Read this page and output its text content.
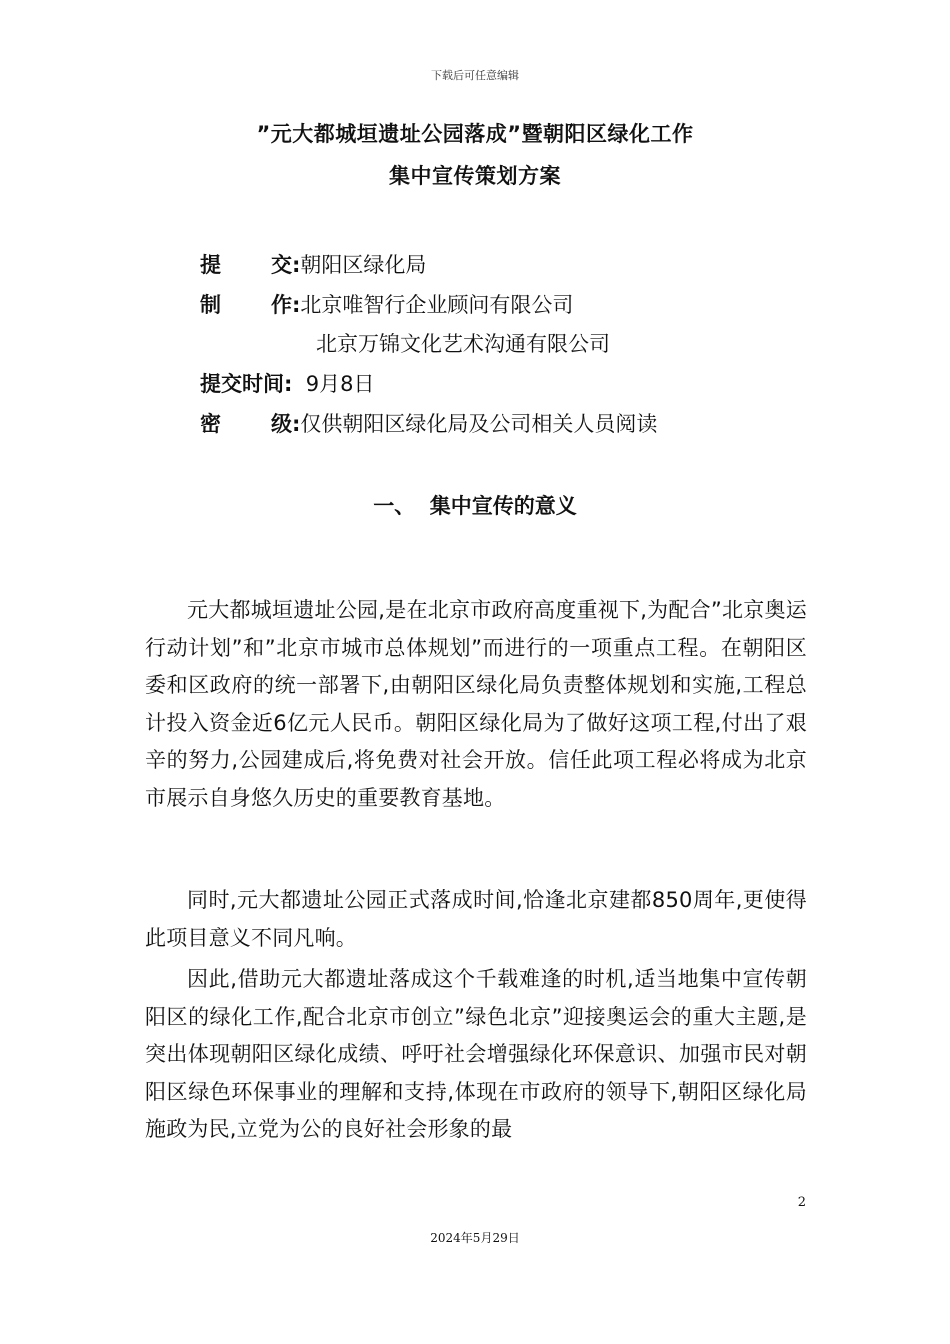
下载后可任意编辑
”元大都城垣遗址公园落成”暨朝阳区绿化工作
集中宣传策划方案
提 交 :朝阳区绿化局
制 作 :北京唯智行企业顾问有限公司
北京万锦文化艺术沟通有限公司
提交时间: 9月8日
密 级 :仅供朝阳区绿化局及公司相关人员阅读
一、  集中宣传的意义

元大都城垣遗址公园,是在北京市政府高度重视下,为配合”北京奥运行动计划”和”北京市城市总体规划”而进行的一项重点工程。在朝阳区委和区政府的统一部署下,由朝阳区绿化局负责整体规划和实施,工程总计投入资金近6亿元人民币。朝阳区绿化局为了做好这项工程,付出了艰辛的努力,公园建成后,将免费对社会开放。信任此项工程必将成为北京市展示自身悠久历史的重要教育基地。

同时,元大都遗址公园正式落成时间,恰逢北京建都850周年,更使得此项目意义不同凡响。

因此,借助元大都遗址落成这个千载难逢的时机,适当地集中宣传朝阳区的绿化工作,配合北京市创立”绿色北京”迎接奥运会的重大主题,是突出体现朝阳区绿化成绩、呼吁社会增强绿化环保意识、加强市民对朝阳区绿色环保事业的理解和支持,体现在市政府的领导下,朝阳区绿化局施政为民,立党为公的良好社会形象的最

2
2024年5月29日
